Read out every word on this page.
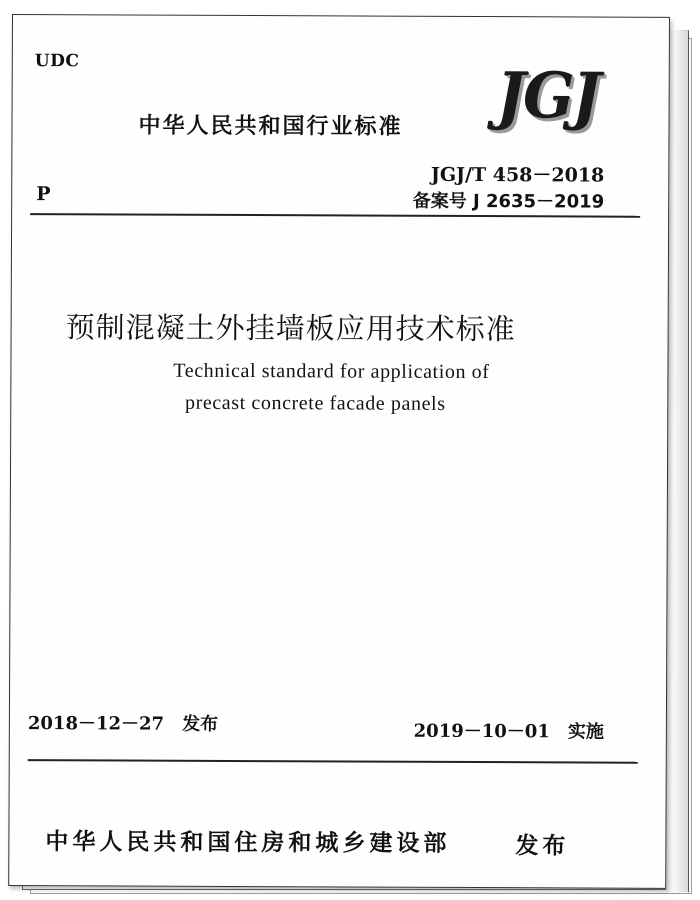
UDC
中华人民共和国行业标准 JGJ
JGJ/T 458－2018
P	备案号 J 2635－2019
预制混凝土外挂墙板应用技术标准
Technical standard for application of
precast concrete facade panels
2018－12－27 发布	2019－10－01 实施
中华人民共和国住房和城乡建设部	发布
